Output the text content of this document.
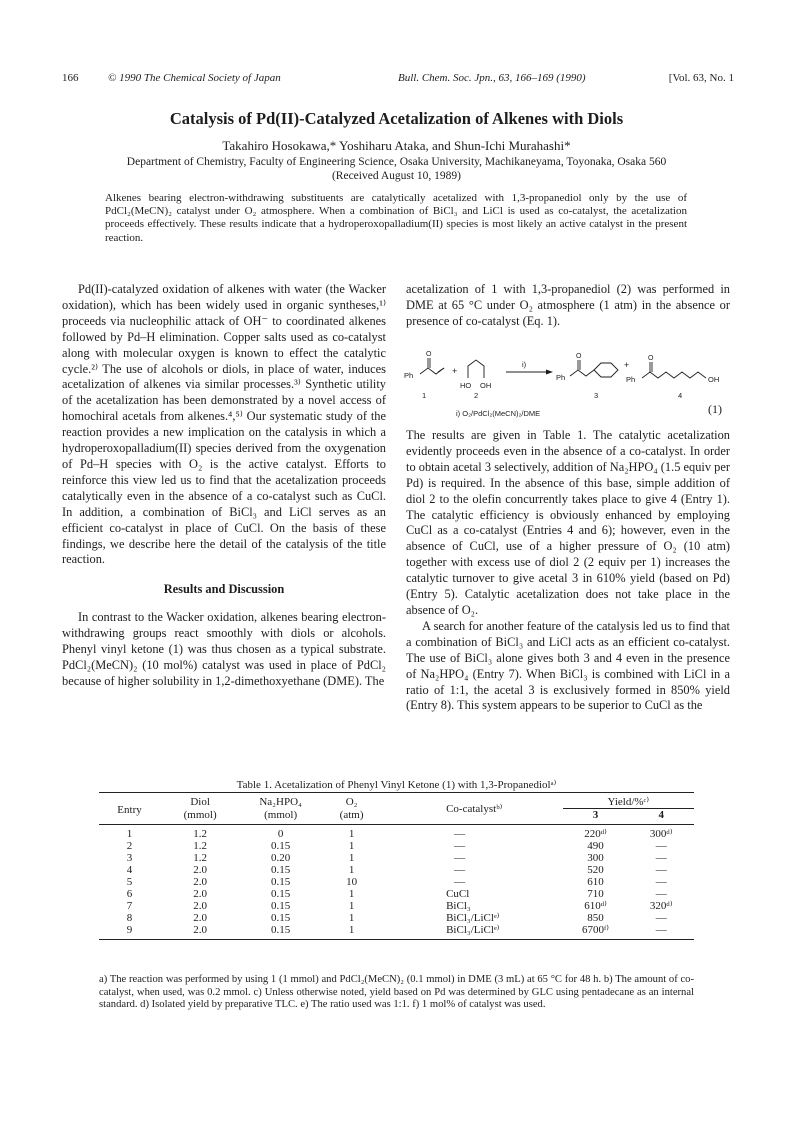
166	© 1990 The Chemical Society of Japan	Bull. Chem. Soc. Jpn., 63, 166–169 (1990)	[Vol. 63, No. 1
Catalysis of Pd(II)-Catalyzed Acetalization of Alkenes with Diols
Takahiro Hosokawa,* Yoshiharu Ataka, and Shun-Ichi Murahashi*
Department of Chemistry, Faculty of Engineering Science, Osaka University, Machikaneyama, Toyonaka, Osaka 560
(Received August 10, 1989)
Alkenes bearing electron-withdrawing substituents are catalytically acetalized with 1,3-propanediol only by the use of PdCl₂(MeCN)₂ catalyst under O₂ atmosphere. When a combination of BiCl₃ and LiCl is used as co-catalyst, the acetalization proceeds effectively. These results indicate that a hydroperoxopalladium(II) species is most likely an active catalyst in the present reaction.

Pd(II)-catalyzed oxidation of alkenes with water (the Wacker oxidation), which has been widely used in organic syntheses,¹⁾ proceeds via nucleophilic attack of OH⁻ to coordinated alkenes followed by Pd–H elimination. Copper salts used as co-catalyst along with molecular oxygen is known to effect the catalytic cycle.²⁾ The use of alcohols or diols, in place of water, induces acetalization of alkenes via similar processes.³⁾ Synthetic utility of the acetalization has been demonstrated by a novel access of homochiral acetals from alkenes.⁴,⁵⁾ Our systematic study of the reaction provides a new implication on the catalysis in which a hydroperoxopalladium(II) species derived from the oxygenation of Pd–H species with O₂ is the active catalyst. Efforts to reinforce this view led us to find that the acetalization proceeds catalytically even in the absence of a co-catalyst such as CuCl. In addition, a combination of BiCl₃ and LiCl serves as an efficient co-catalyst in place of CuCl. On the basis of these findings, we describe here the detail of the catalysis of the title reaction.

Results and Discussion

In contrast to the Wacker oxidation, alkenes bearing electron-withdrawing groups react smoothly with diols or alcohols. Phenyl vinyl ketone (1) was thus chosen as a typical substrate. PdCl₂(MeCN)₂ (10 mol%) catalyst was used in place of PdCl₂ because of higher solubility in 1,2-dimethoxyethane (DME). The

acetalization of 1 with 1,3-propanediol (2) was performed in DME at 65 °C under O₂ atmosphere (1 atm) in the absence or presence of co-catalyst (Eq. 1).

Ph
O
+
HO OH
i)
Ph
O
+
Ph
O
OH
1	2	3	4
i) O₂/PdCl₂(MeCN)₂/DME	(1)

The results are given in Table 1. The catalytic acetalization evidently proceeds even in the absence of a co-catalyst. In order to obtain acetal 3 selectively, addition of Na₂HPO₄ (1.5 equiv per Pd) is required. In the absence of this base, simple addition of diol 2 to the olefin concurrently takes place to give 4 (Entry 1). The catalytic efficiency is obviously enhanced by employing CuCl as a co-catalyst (Entries 4 and 6); however, even in the absence of CuCl, use of a higher pressure of O₂ (10 atm) together with excess use of diol 2 (2 equiv per 1) increases the catalytic turnover to give acetal 3 in 610% yield (based on Pd) (Entry 5). Catalytic acetalization does not take place in the absence of O₂.

A search for another feature of the catalysis led us to find that a combination of BiCl₃ and LiCl acts as an efficient co-catalyst. The use of BiCl₃ alone gives both 3 and 4 even in the presence of Na₂HPO₄ (Entry 7). When BiCl₃ is combined with LiCl in a ratio of 1:1, the acetal 3 is exclusively formed in 850% yield (Entry 8). This system appears to be superior to CuCl as the

Table 1. Acetalization of Phenyl Vinyl Ketone (1) with 1,3-Propanediolᵃ⁾
Entry	Diol	Na₂HPO₄	O₂	Co-catalystᵇ⁾	Yield/%ᶜ⁾	
	(mmol)	(mmol)	(atm)		3	4
1	1.2	0	1	—	220ᵈ⁾	300ᵈ⁾
2	1.2	0.15	1	—	490	—
3	1.2	0.20	1	—	300	—
4	2.0	0.15	1	—	520	—
5	2.0	0.15	10	—	610	—
6	2.0	0.15	1	CuCl	710	—
7	2.0	0.15	1	BiCl₃	610ᵈ⁾	320ᵈ⁾
8	2.0	0.15	1	BiCl₃/LiClᵉ⁾	850	—
9	2.0	0.15	1	BiCl₃/LiClᵉ⁾	6700ᶠ⁾	—
a) The reaction was performed by using 1 (1 mmol) and PdCl₂(MeCN)₂ (0.1 mmol) in DME (3 mL) at 65 °C for 48 h. b) The amount of co-catalyst, when used, was 0.2 mmol. c) Unless otherwise noted, yield based on Pd was determined by GLC using pentadecane as an internal standard. d) Isolated yield by preparative TLC. e) The ratio used was 1:1. f) 1 mol% of catalyst was used.
